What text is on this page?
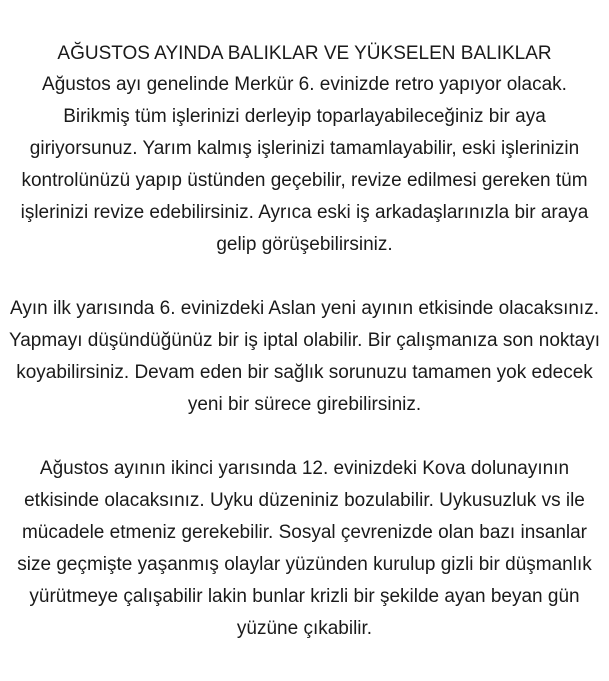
AĞUSTOS AYINDA BALIKLAR VE YÜKSELEN BALIKLAR

Ağustos ayı genelinde Merkür 6. evinizde retro yapıyor olacak. Birikmiş tüm işlerinizi derleyip toparlayabileceğiniz bir aya giriyorsunuz. Yarım kalmış işlerinizi tamamlayabilir, eski işlerinizin kontrolünüzü yapıp üstünden geçebilir, revize edilmesi gereken tüm işlerinizi revize edebilirsiniz. Ayrıca eski iş arkadaşlarınızla bir araya gelip görüşebilirsiniz.

Ayın ilk yarısında 6. evinizdeki Aslan yeni ayının etkisinde olacaksınız. Yapmayı düşündüğünüz bir iş iptal olabilir. Bir çalışmanıza son noktayı koyabilirsiniz. Devam eden bir sağlık sorunuzu tamamen yok edecek yeni bir sürece girebilirsiniz.

Ağustos ayının ikinci yarısında 12. evinizdeki Kova dolunayının etkisinde olacaksınız. Uyku düzeniniz bozulabilir. Uykusuzluk vs ile mücadele etmeniz gerekebilir. Sosyal çevrenizde olan bazı insanlar size geçmişte yaşanmış olaylar yüzünden kurulup gizli bir düşmanlık yürütmeye çalışabilir lakin bunlar krizli bir şekilde ayan beyan gün yüzüne çıkabilir.
